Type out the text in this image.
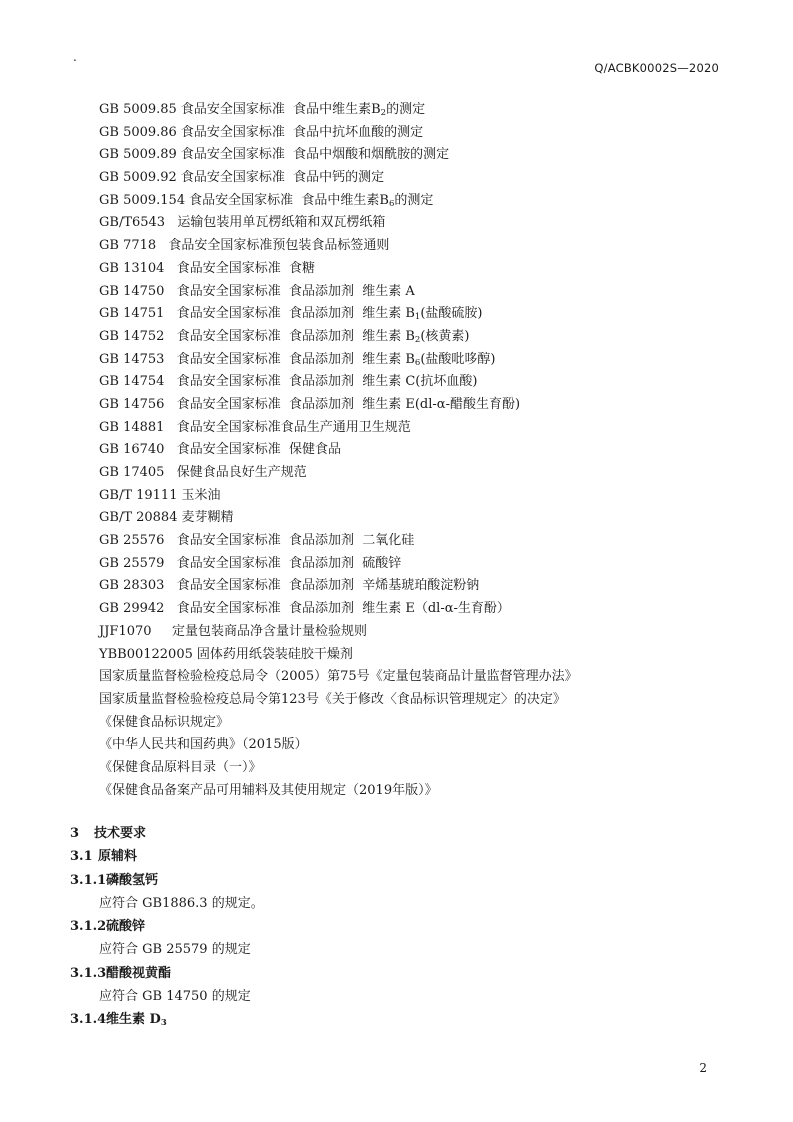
.
Q/ACBK0002S—2020
GB 5009.85 食品安全国家标准  食品中维生素$B_2$的测定
GB 5009.86 食品安全国家标准  食品中抗坏血酸的测定
GB 5009.89 食品安全国家标准  食品中烟酸和烟酰胺的测定
GB 5009.92 食品安全国家标准  食品中钙的测定
GB 5009.154 食品安全国家标准  食品中维生素$B_6$的测定
GB/T6543  运输包装用单瓦楞纸箱和双瓦楞纸箱
GB 7718  食品安全国家标准预包装食品标签通则
GB 13104  食品安全国家标准  食糖
GB 14750  食品安全国家标准  食品添加剂  维生素 A
GB 14751  食品安全国家标准  食品添加剂  维生素 $B_1$(盐酸硫胺)
GB 14752  食品安全国家标准  食品添加剂  维生素 $B_2$(核黄素)
GB 14753  食品安全国家标准  食品添加剂  维生素 $B_6$(盐酸吡哆醇)
GB 14754  食品安全国家标准  食品添加剂  维生素 C(抗坏血酸)
GB 14756  食品安全国家标准  食品添加剂  维生素 E(dl-α-醋酸生育酚)
GB 14881  食品安全国家标准食品生产通用卫生规范
GB 16740  食品安全国家标准  保健食品
GB 17405  保健食品良好生产规范
GB/T 19111 玉米油
GB/T 20884 麦芽糊精
GB 25576  食品安全国家标准  食品添加剂  二氧化硅
GB 25579  食品安全国家标准  食品添加剂  硫酸锌
GB 28303  食品安全国家标准  食品添加剂  辛烯基琥珀酸淀粉钠
GB 29942  食品安全国家标准  食品添加剂  维生素 E（dl-α-生育酚）
JJF1070    定量包装商品净含量计量检验规则
YBB00122005 固体药用纸袋装硅胶干燥剂
国家质量监督检验检疫总局令（2005）第75号《定量包装商品计量监督管理办法》
国家质量监督检验检疫总局令第123号《关于修改〈食品标识管理规定〉的决定》
《保健食品标识规定》
《中华人民共和国药典》（2015版）
《保健食品原料目录（一）》
《保健食品备案产品可用辅料及其使用规定（2019年版）》
3 技术要求
3.1 原辅料
3.1.1磷酸氢钙
应符合 GB1886.3 的规定。
3.1.2硫酸锌
应符合 GB 25579 的规定
3.1.3醋酸视黄酯
应符合 GB 14750 的规定
3.1.4维生素 $D_3$
2
